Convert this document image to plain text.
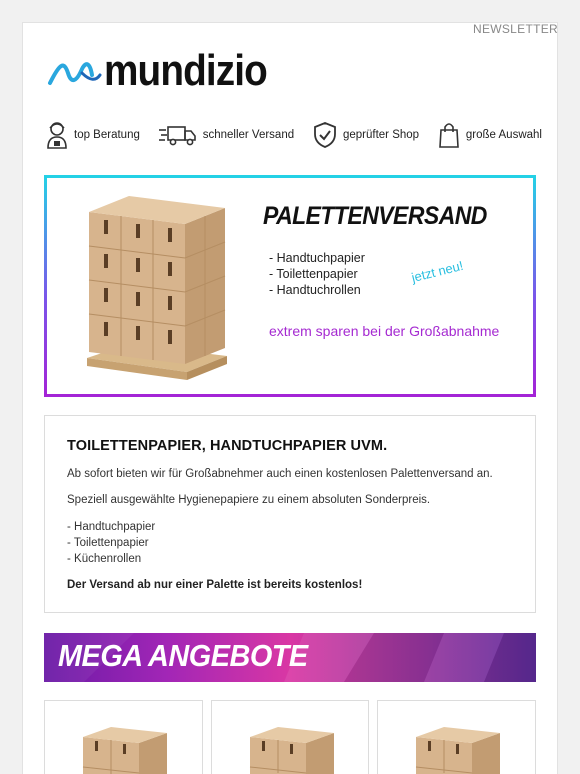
NEWSLETTER
mundizio
top Beratung	schneller Versand	geprüfter Shop	große Auswahl
PALETTENVERSAND
- Handtuchpapier
- Toilettenpapier
- Handtuchrollen
jetzt neu!
extrem sparen bei der Großabnahme
TOILETTENPAPIER, HANDTUCHPAPIER UVM.

Ab sofort bieten wir für Großabnehmer auch einen kostenlosen Palettenversand an.

Speziell ausgewählte Hygienepapiere zu einem absoluten Sonderpreis.

- Handtuchpapier
- Toilettenpapier
- Küchenrollen

Der Versand ab nur einer Palette ist bereits kostenlos!

MEGA ANGEBOTE
